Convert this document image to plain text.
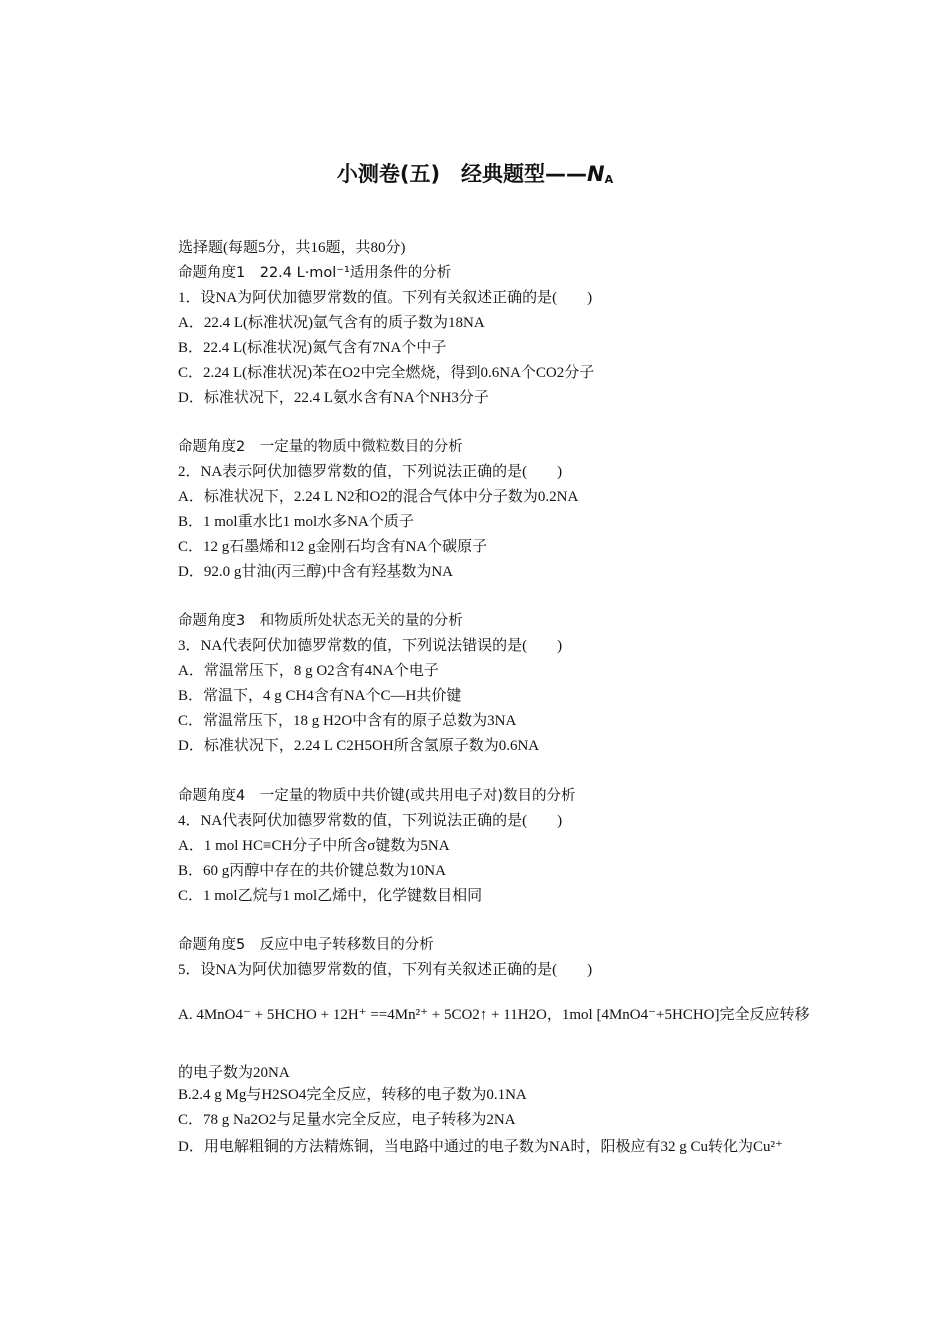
小测卷(五)　经典题型$——N_A$
选择题(每题5分，共16题，共80分)
命题角度1　22.4 L·mol⁻¹适用条件的分析
1．设NA为阿伏加德罗常数的值。下列有关叙述正确的是(　　)
A．22.4 L(标准状况)氩气含有的质子数为18NA
B．22.4 L(标准状况)氮气含有7NA个中子
C．2.24 L(标准状况)苯在O2中完全燃烧，得到0.6NA个CO2分子
D．标准状况下，22.4 L氨水含有NA个NH3分子
命题角度2　一定量的物质中微粒数目的分析
2．NA表示阿伏加德罗常数的值，下列说法正确的是(　　)
A．标准状况下，2.24 L N2和O2的混合气体中分子数为0.2NA
B．1 mol重水比1 mol水多NA个质子
C．12 g石墨烯和12 g金刚石均含有NA个碳原子
D．92.0 g甘油(丙三醇)中含有羟基数为NA
命题角度3　和物质所处状态无关的量的分析
3．NA代表阿伏加德罗常数的值，下列说法错误的是(　　)
A．常温常压下，8 g O2含有4NA个电子
B．常温下，4 g CH4含有NA个C—H共价键
C．常温常压下，18 g H2O中含有的原子总数为3NA
D．标准状况下，2.24 L C2H5OH所含氢原子数为0.6NA
命题角度4　一定量的物质中共价键(或共用电子对)数目的分析
4．NA代表阿伏加德罗常数的值，下列说法正确的是(　　)
A．1 mol HC≡CH分子中所含σ键数为5NA
B．60 g丙醇中存在的共价键总数为10NA
C．1 mol乙烷与1 mol乙烯中，化学键数目相同
命题角度5　反应中电子转移数目的分析
5．设NA为阿伏加德罗常数的值，下列有关叙述正确的是(　　)
A. 4MnO4⁻ + 5HCHO + 12H⁺ ==4Mn²⁺ + 5CO2↑ + 11H2O，1mol [4MnO4⁻+5HCHO]完全反应转移的电子数为20NA
B.2.4 g Mg与H2SO4完全反应，转移的电子数为0.1NA
C．78 g Na2O2与足量水完全反应，电子转移为2NA
D．用电解粗铜的方法精炼铜，当电路中通过的电子数为NA时，阳极应有32 g Cu转化为Cu²⁺
